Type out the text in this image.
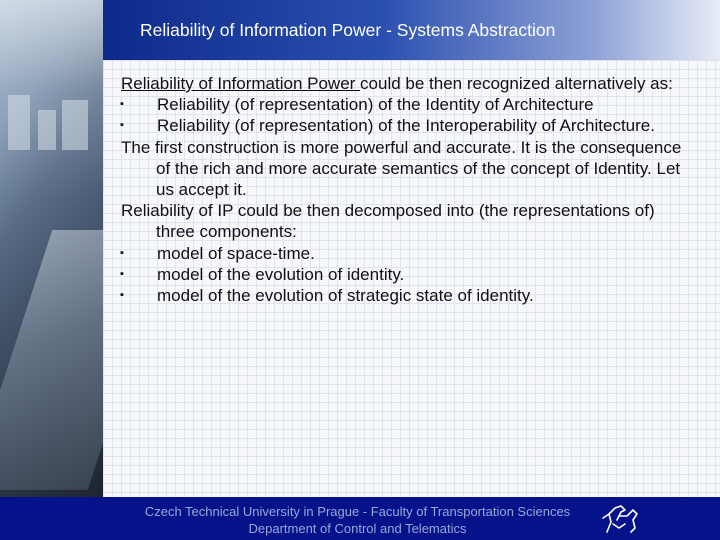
Reliability of Information Power - Systems Abstraction

Reliability of Information Power could be then recognized alternatively as:

▪	Reliability (of representation) of the Identity of Architecture

▪	Reliability (of representation) of the Interoperability of Architecture.

The first construction is more powerful and accurate. It is the consequence of the rich and more accurate semantics of the concept of Identity. Let us accept it.

Reliability of IP could be then decomposed into (the representations of) three components:

▪	model of space-time.

▪	model of the evolution of identity.

▪	model of the evolution of strategic state of identity.

Czech Technical University in Prague - Faculty of Transportation Sciences
Department of Control and Telematics
